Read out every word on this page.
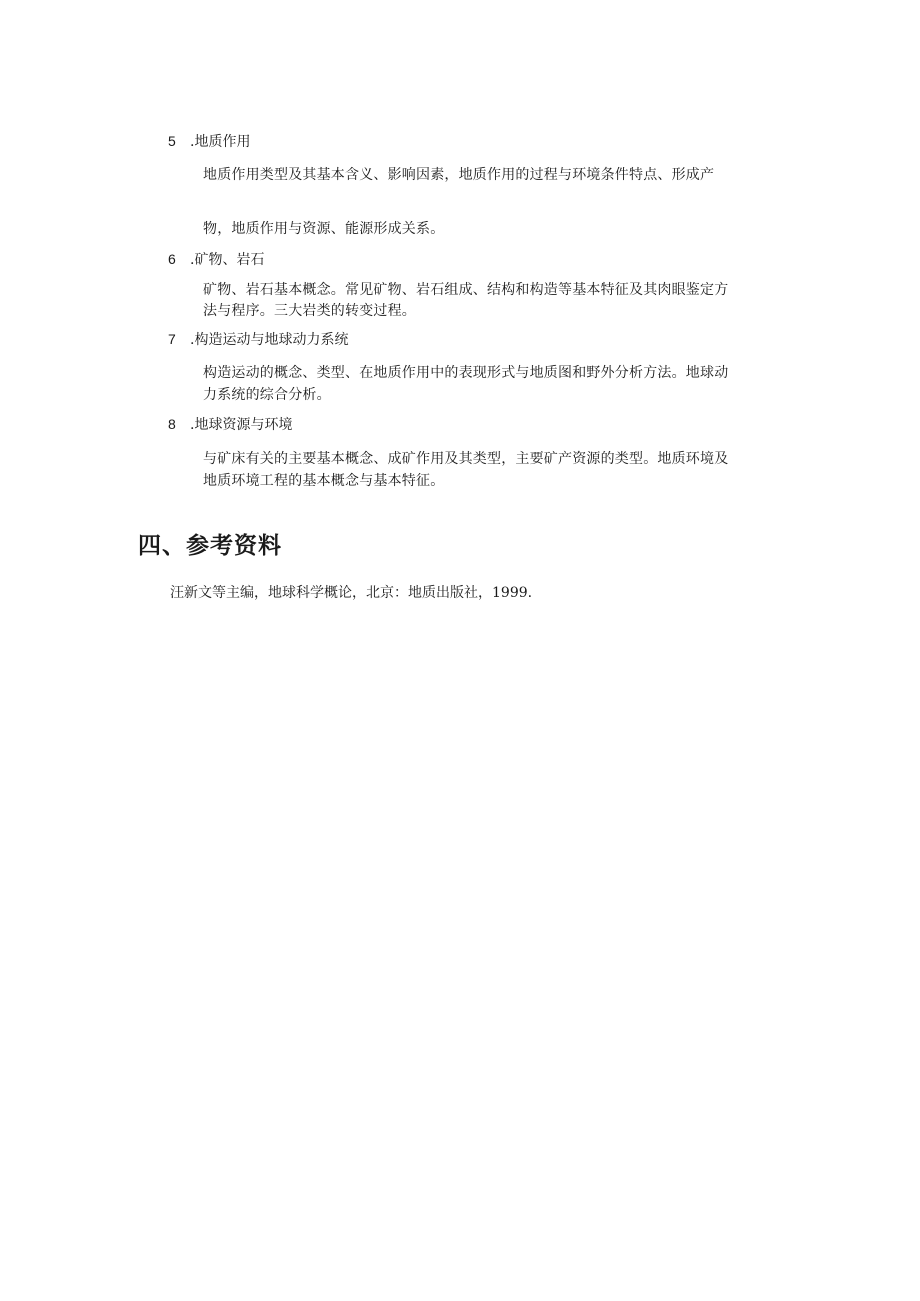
5 .地质作用
地质作用类型及其基本含义、影响因素，地质作用的过程与环境条件特点、形成产
物，地质作用与资源、能源形成关系。
6 .矿物、岩石
矿物、岩石基本概念。常见矿物、岩石组成、结构和构造等基本特征及其肉眼鉴定方
法与程序。三大岩类的转变过程。
7 .构造运动与地球动力系统
构造运动的概念、类型、在地质作用中的表现形式与地质图和野外分析方法。地球动
力系统的综合分析。
8 .地球资源与环境
与矿床有关的主要基本概念、成矿作用及其类型，主要矿产资源的类型。地质环境及
地质环境工程的基本概念与基本特征。
四、参考资料
汪新文等主编，地球科学概论，北京：地质出版社，1999.
